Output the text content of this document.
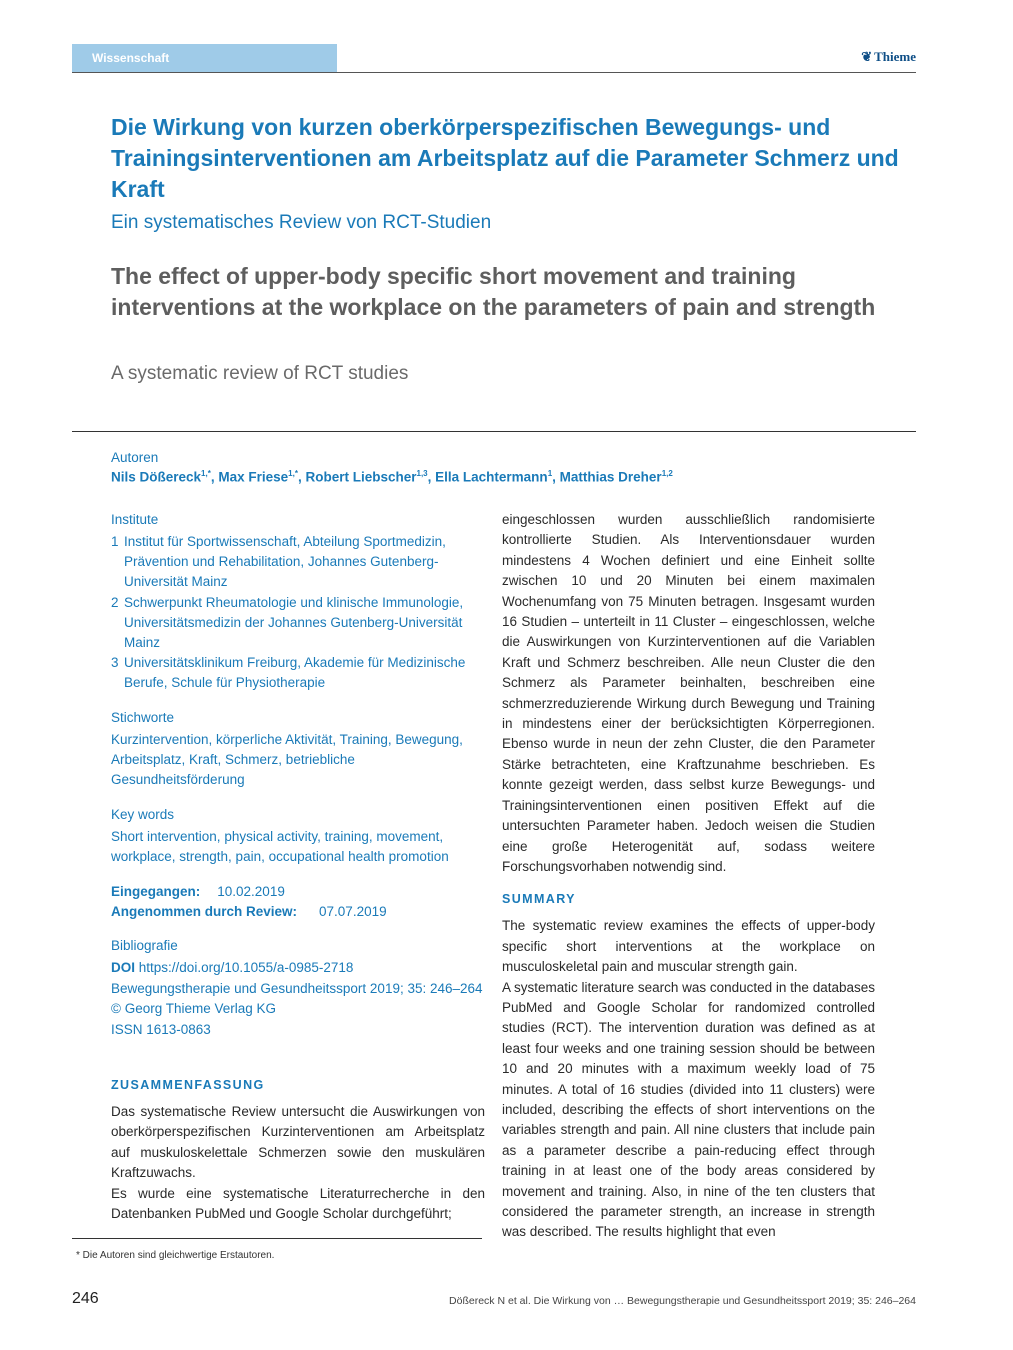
Wissenschaft	❦ Thieme
Die Wirkung von kurzen oberkörperspezifischen Bewegungs- und Trainingsinterventionen am Arbeitsplatz auf die Parameter Schmerz und Kraft
Ein systematisches Review von RCT-Studien
The effect of upper-body specific short movement and training interventions at the workplace on the parameters of pain and strength
A systematic review of RCT studies
Autoren
Nils Dößereck$^{1,*}$, Max Friese$^{1,*}$, Robert Liebscher$^{1,3}$, Ella Lachtermann$^1$, Matthias Dreher$^{1,2}$
Institute
1 Institut für Sportwissenschaft, Abteilung Sportmedizin, Prävention und Rehabilitation, Johannes Gutenberg-Universität Mainz
2 Schwerpunkt Rheumatologie und klinische Immunologie, Universitätsmedizin der Johannes Gutenberg-Universität Mainz
3 Universitätsklinikum Freiburg, Akademie für Medizinische Berufe, Schule für Physiotherapie
Stichworte
Kurzintervention, körperliche Aktivität, Training, Bewegung, Arbeitsplatz, Kraft, Schmerz, betriebliche Gesundheitsförderung
Key words
Short intervention, physical activity, training, movement, workplace, strength, pain, occupational health promotion
Eingegangen: 10.02.2019
Angenommen durch Review: 07.07.2019
Bibliografie
DOI https://doi.org/10.1055/a-0985-2718
Bewegungstherapie und Gesundheitssport 2019; 35: 246–264
© Georg Thieme Verlag KG
ISSN 1613-0863
ZUSAMMENFASSUNG
Das systematische Review untersucht die Auswirkungen von oberkörperspezifischen Kurzinterventionen am Arbeitsplatz auf muskuloskelettale Schmerzen sowie den muskulären Kraftzuwachs.
Es wurde eine systematische Literaturrecherche in den Datenbanken PubMed und Google Scholar durchgeführt;
eingeschlossen wurden ausschließlich randomisierte kontrollierte Studien. Als Interventionsdauer wurden mindestens 4 Wochen definiert und eine Einheit sollte zwischen 10 und 20 Minuten bei einem maximalen Wochenumfang von 75 Minuten betragen. Insgesamt wurden 16 Studien – unterteilt in 11 Cluster – eingeschlossen, welche die Auswirkungen von Kurzinterventionen auf die Variablen Kraft und Schmerz beschreiben. Alle neun Cluster die den Schmerz als Parameter beinhalten, beschreiben eine schmerzreduzierende Wirkung durch Bewegung und Training in mindestens einer der berücksichtigten Körperregionen. Ebenso wurde in neun der zehn Cluster, die den Parameter Stärke betrachteten, eine Kraftzunahme beschrieben. Es konnte gezeigt werden, dass selbst kurze Bewegungs- und Trainingsinterventionen einen positiven Effekt auf die untersuchten Parameter haben. Jedoch weisen die Studien eine große Heterogenität auf, sodass weitere Forschungsvorhaben notwendig sind.
SUMMARY
The systematic review examines the effects of upper-body specific short interventions at the workplace on musculoskeletal pain and muscular strength gain.
A systematic literature search was conducted in the databases PubMed and Google Scholar for randomized controlled studies (RCT). The intervention duration was defined as at least four weeks and one training session should be between 10 and 20 minutes with a maximum weekly load of 75 minutes. A total of 16 studies (divided into 11 clusters) were included, describing the effects of short interventions on the variables strength and pain. All nine clusters that include pain as a parameter describe a pain-reducing effect through training in at least one of the body areas considered by movement and training. Also, in nine of the ten clusters that considered the parameter strength, an increase in strength was described. The results highlight that even
* Die Autoren sind gleichwertige Erstautoren.
246	Dößereck N et al. Die Wirkung von … Bewegungstherapie und Gesundheitssport 2019; 35: 246–264
